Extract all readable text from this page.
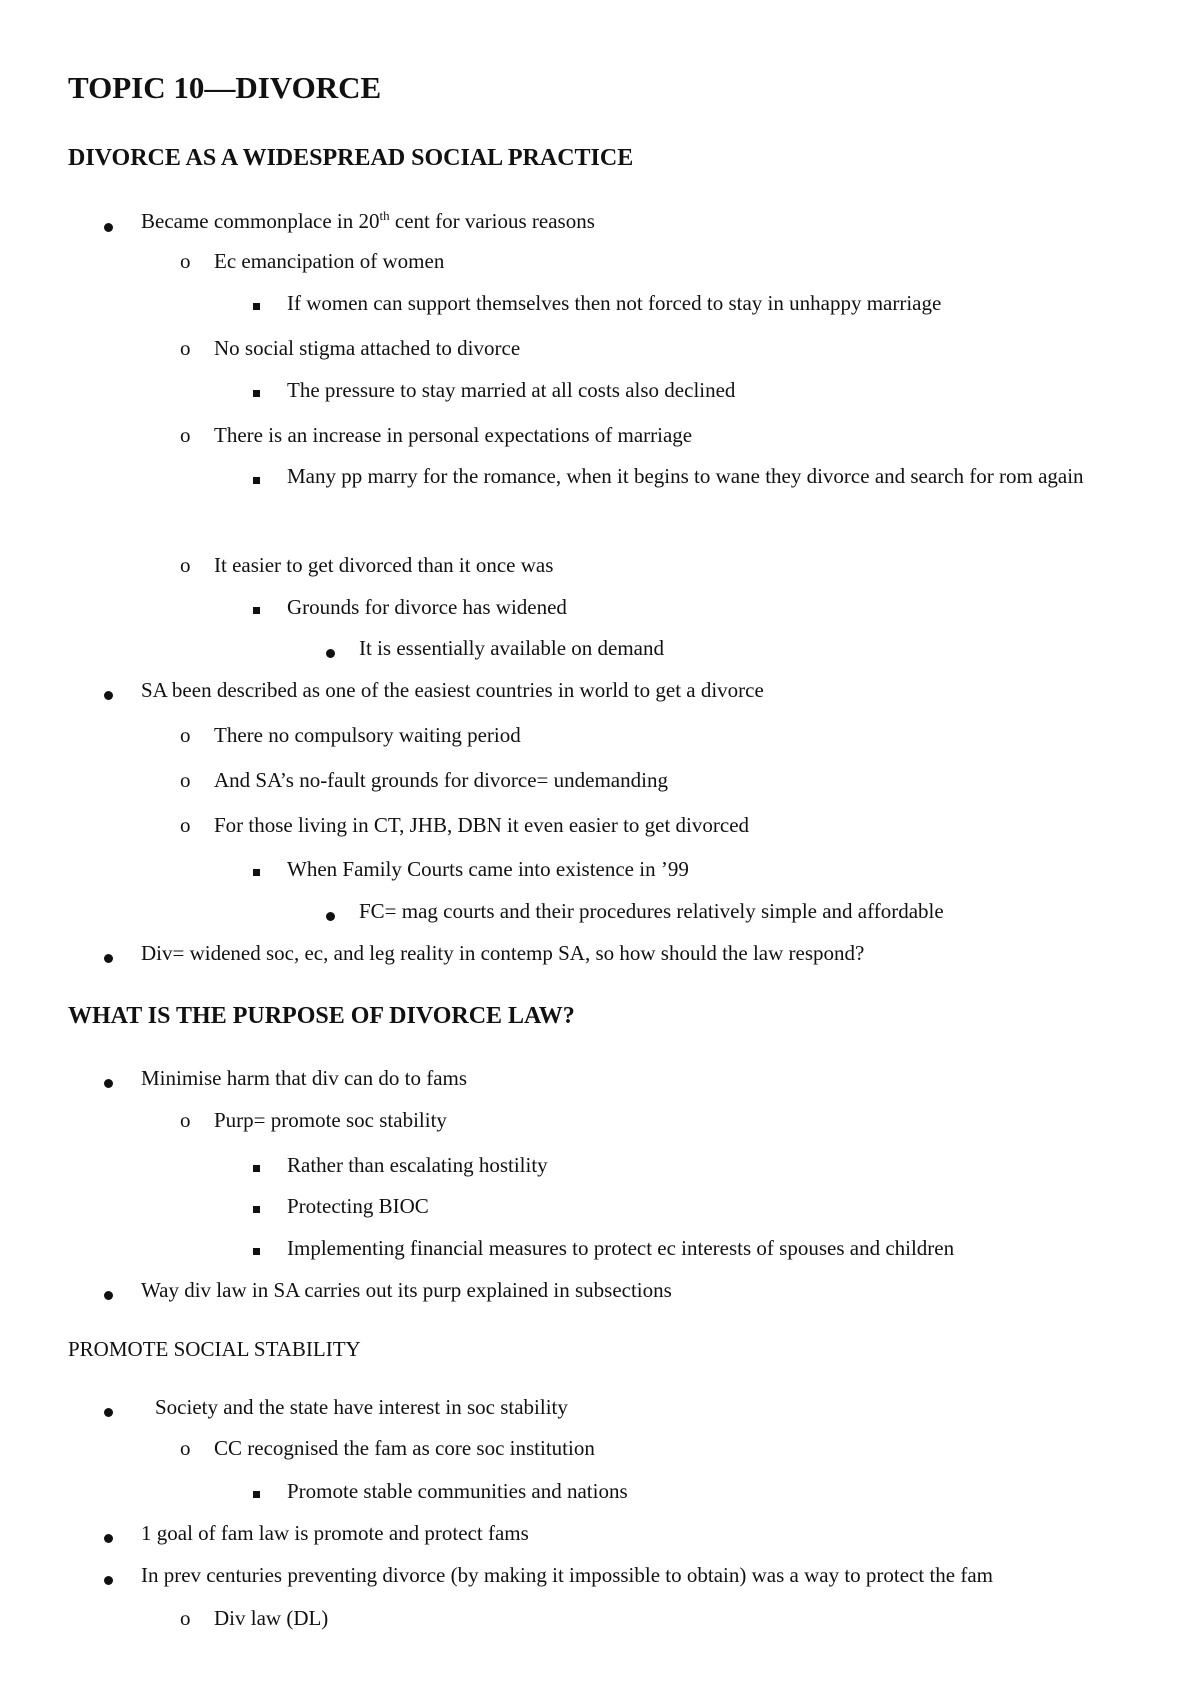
TOPIC 10—DIVORCE
DIVORCE AS A WIDESPREAD SOCIAL PRACTICE

Became commonplace in 20th cent for various reasons

o Ec emancipation of women

If women can support themselves then not forced to stay in unhappy marriage

o No social stigma attached to divorce

The pressure to stay married at all costs also declined

o There is an increase in personal expectations of marriage

Many pp marry for the romance, when it begins to wane they divorce and search for rom again

o It easier to get divorced than it once was

Grounds for divorce has widened

It is essentially available on demand

SA been described as one of the easiest countries in world to get a divorce

o There no compulsory waiting period

o And SA’s no-fault grounds for divorce= undemanding

o For those living in CT, JHB, DBN it even easier to get divorced

When Family Courts came into existence in ’99

FC= mag courts and their procedures relatively simple and affordable

Div= widened soc, ec, and leg reality in contemp SA, so how should the law respond?

WHAT IS THE PURPOSE OF DIVORCE LAW?

Minimise harm that div can do to fams

o Purp= promote soc stability

Rather than escalating hostility

Protecting BIOC

Implementing financial measures to protect ec interests of spouses and children

Way div law in SA carries out its purp explained in subsections

PROMOTE SOCIAL STABILITY

Society and the state have interest in soc stability

o CC recognised the fam as core soc institution

Promote stable communities and nations

1 goal of fam law is promote and protect fams

In prev centuries preventing divorce (by making it impossible to obtain) was a way to protect the fam

o Div law (DL)
